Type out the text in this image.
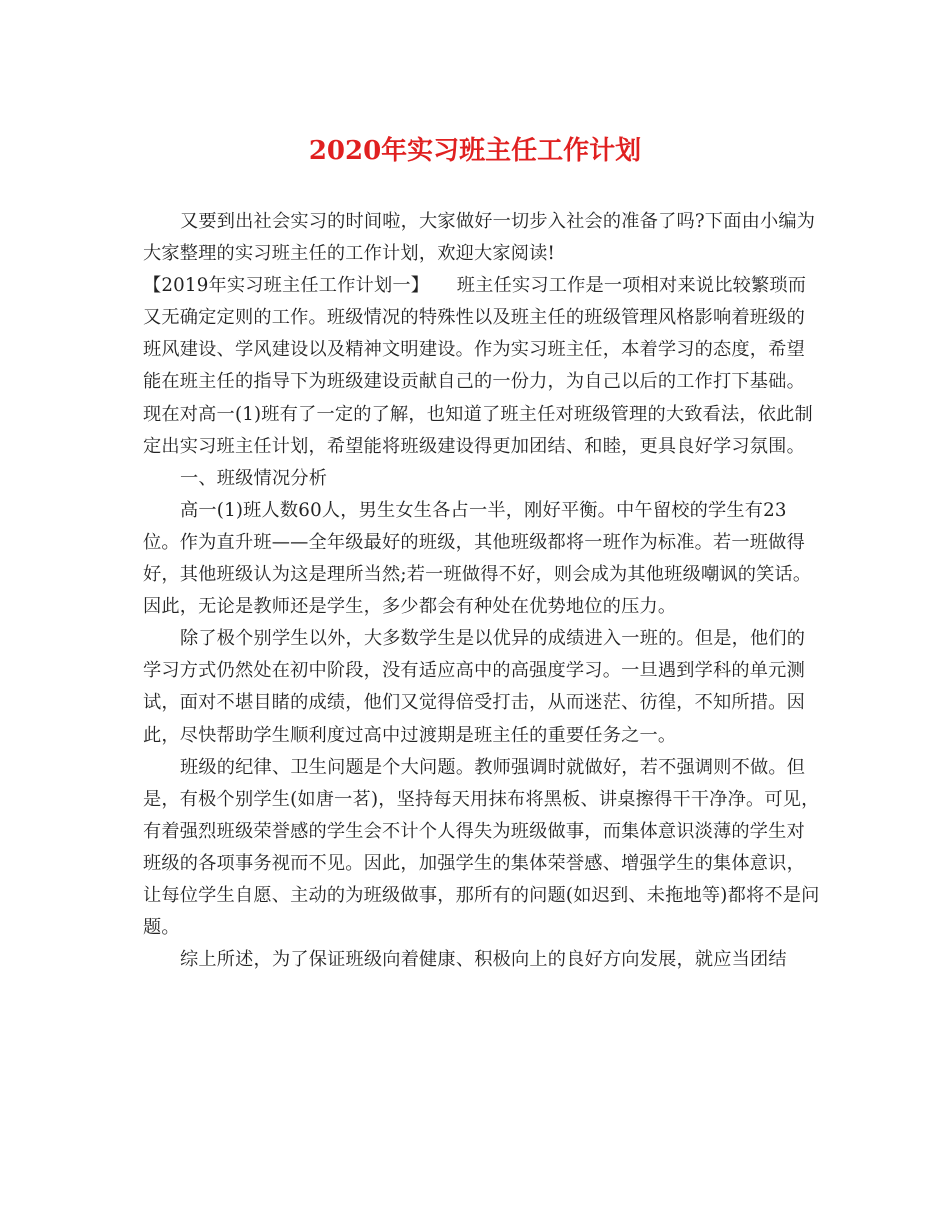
2020年实习班主任工作计划

又要到出社会实习的时间啦，大家做好一切步入社会的准备了吗?下面由小编为大家整理的实习班主任的工作计划，欢迎大家阅读!

【2019年实习班主任工作计划一】　　班主任实习工作是一项相对来说比较繁琐而又无确定定则的工作。班级情况的特殊性以及班主任的班级管理风格影响着班级的班风建设、学风建设以及精神文明建设。作为实习班主任，本着学习的态度，希望能在班主任的指导下为班级建设贡献自己的一份力，为自己以后的工作打下基础。现在对高一(1)班有了一定的了解，也知道了班主任对班级管理的大致看法，依此制定出实习班主任计划，希望能将班级建设得更加团结、和睦，更具良好学习氛围。

一、班级情况分析

高一(1)班人数60人，男生女生各占一半，刚好平衡。中午留校的学生有23位。作为直升班——全年级最好的班级，其他班级都将一班作为标准。若一班做得好，其他班级认为这是理所当然;若一班做得不好，则会成为其他班级嘲讽的笑话。因此，无论是教师还是学生，多少都会有种处在优势地位的压力。

除了极个别学生以外，大多数学生是以优异的成绩进入一班的。但是，他们的学习方式仍然处在初中阶段，没有适应高中的高强度学习。一旦遇到学科的单元测试，面对不堪目睹的成绩，他们又觉得倍受打击，从而迷茫、彷徨，不知所措。因此，尽快帮助学生顺利度过高中过渡期是班主任的重要任务之一。

班级的纪律、卫生问题是个大问题。教师强调时就做好，若不强调则不做。但是，有极个别学生(如唐一茗)，坚持每天用抹布将黑板、讲桌擦得干干净净。可见，有着强烈班级荣誉感的学生会不计个人得失为班级做事，而集体意识淡薄的学生对班级的各项事务视而不见。因此，加强学生的集体荣誉感、增强学生的集体意识，让每位学生自愿、主动的为班级做事，那所有的问题(如迟到、未拖地等)都将不是问题。

综上所述，为了保证班级向着健康、积极向上的良好方向发展，就应当团结
